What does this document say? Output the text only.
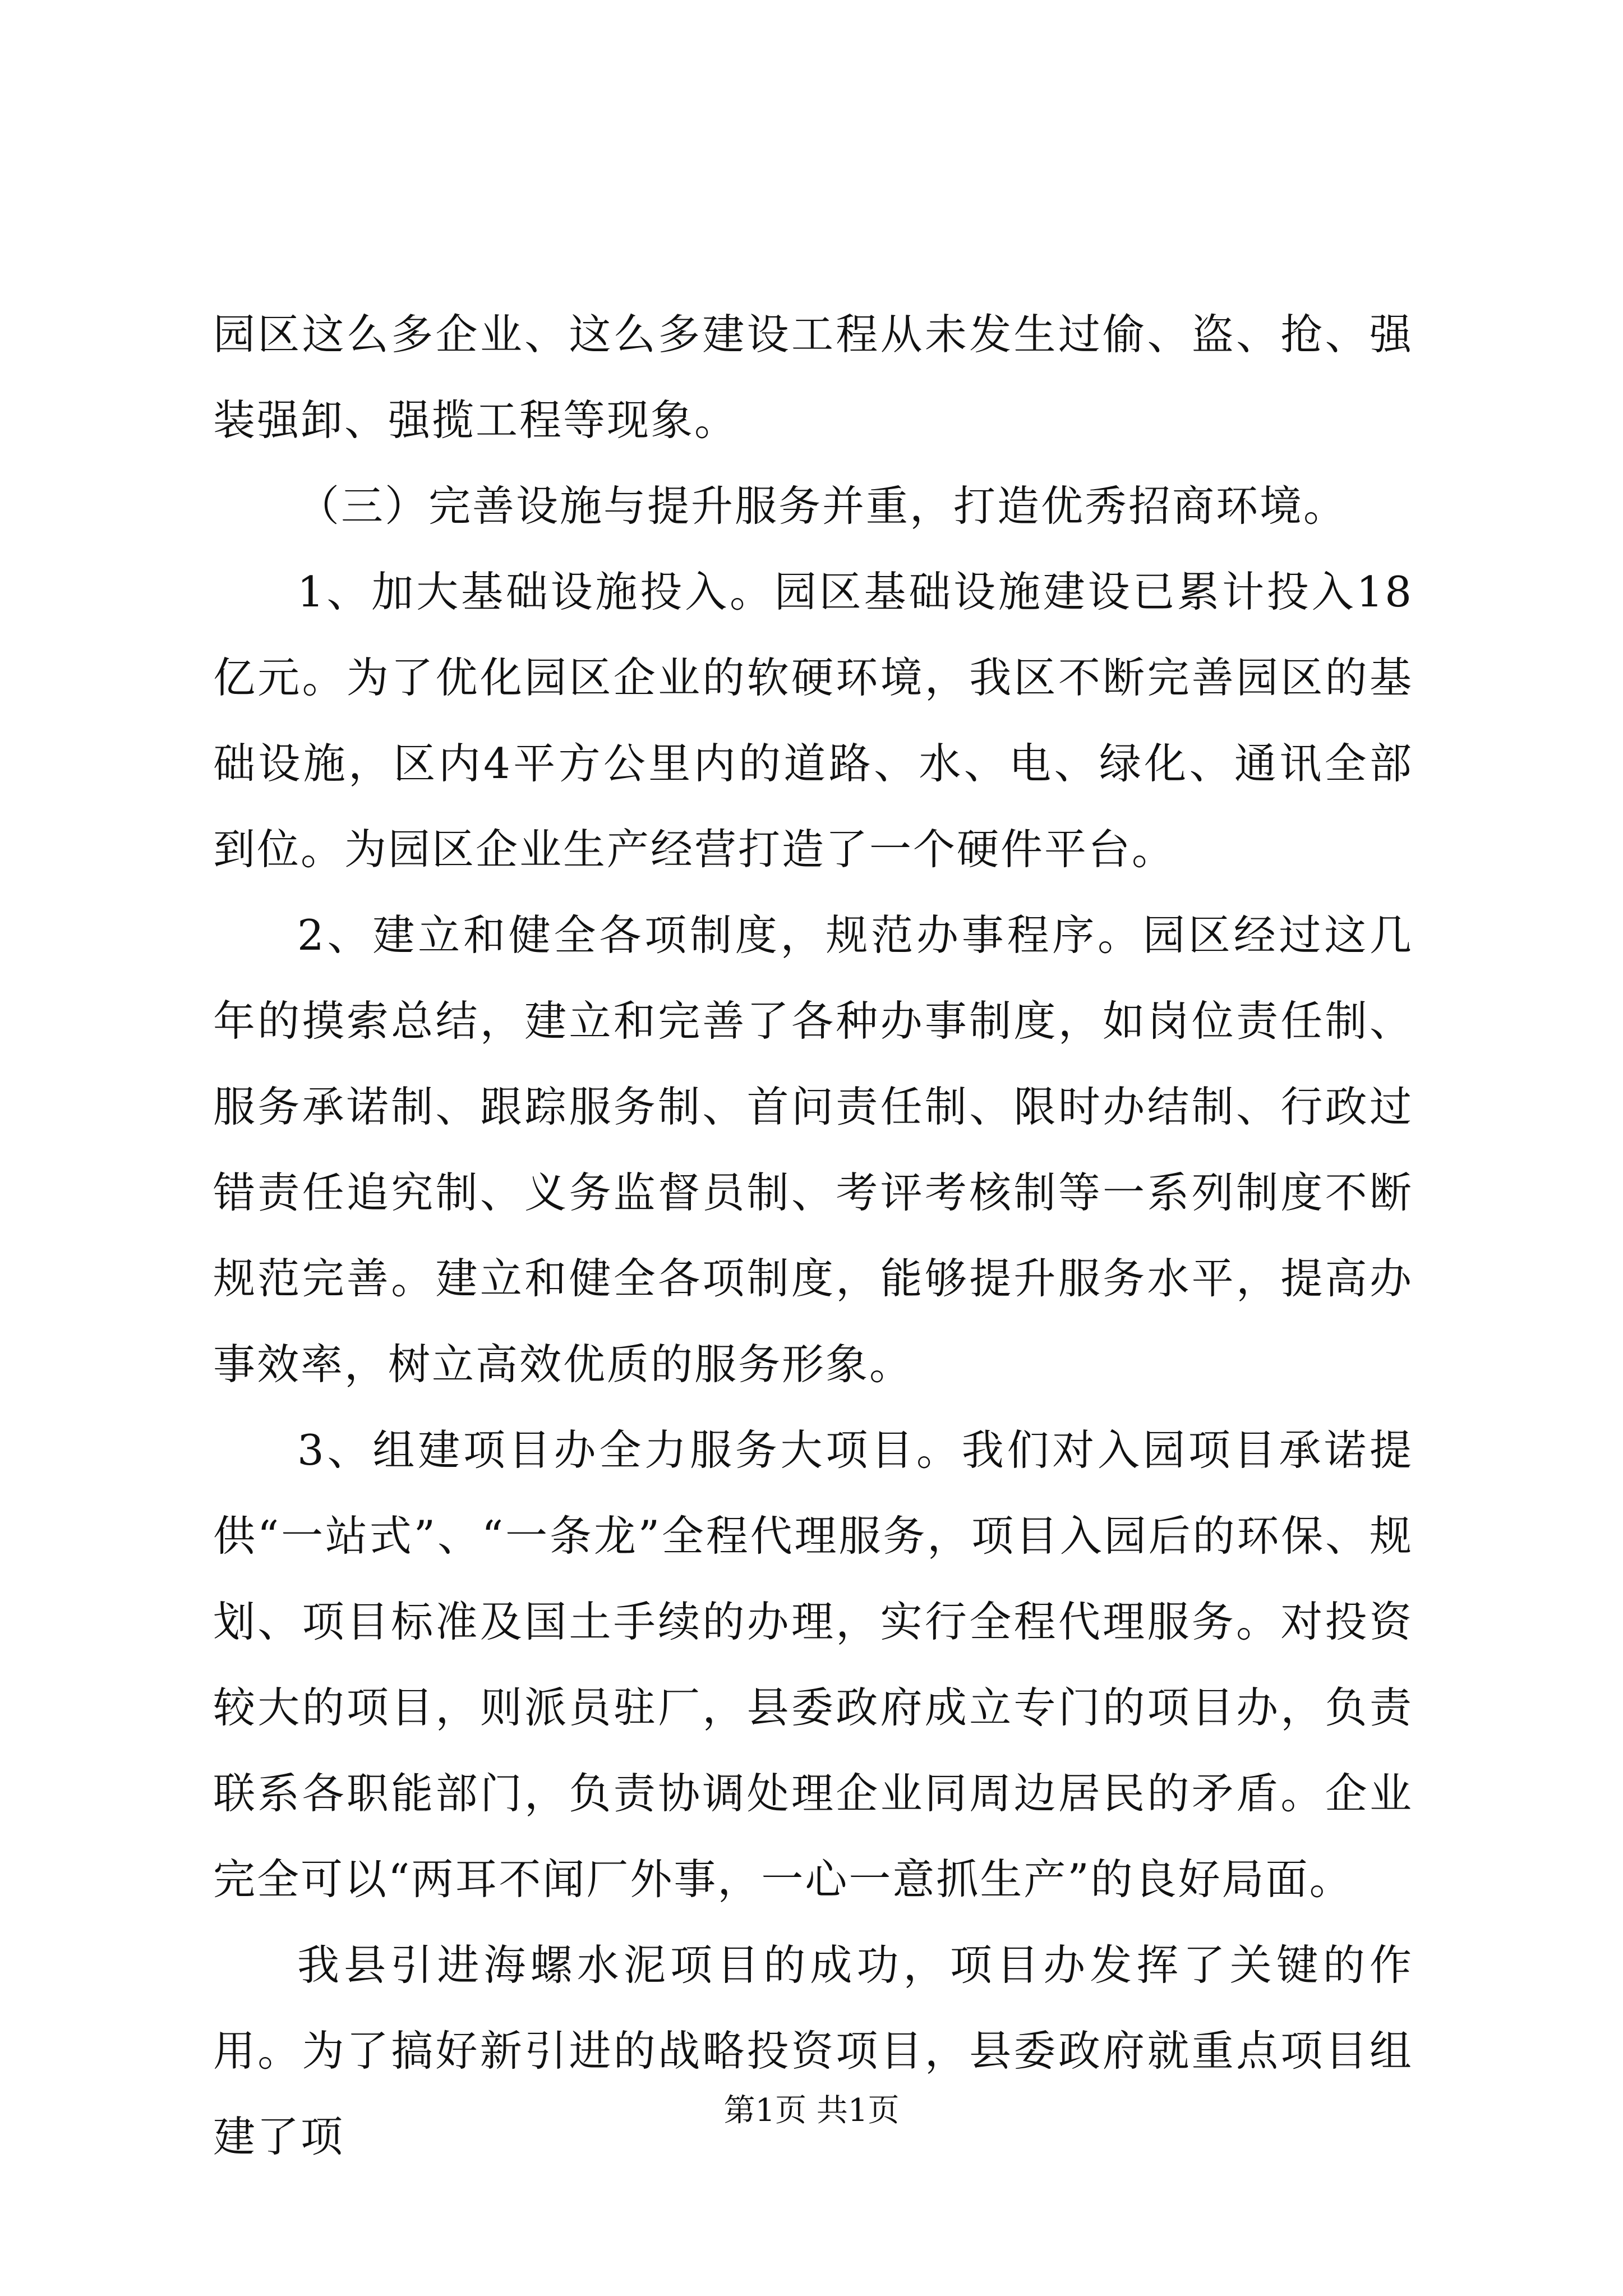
园区这么多企业、这么多建设工程从未发生过偷、盗、抢、强装强卸、强揽工程等现象。

（三）完善设施与提升服务并重，打造优秀招商环境。

1、加大基础设施投入。园区基础设施建设已累计投入18亿元。为了优化园区企业的软硬环境，我区不断完善园区的基础设施，区内4平方公里内的道路、水、电、绿化、通讯全部到位。为园区企业生产经营打造了一个硬件平台。

2、建立和健全各项制度，规范办事程序。园区经过这几年的摸索总结，建立和完善了各种办事制度，如岗位责任制、服务承诺制、跟踪服务制、首问责任制、限时办结制、行政过错责任追究制、义务监督员制、考评考核制等一系列制度不断规范完善。建立和健全各项制度，能够提升服务水平，提高办事效率，树立高效优质的服务形象。

3、组建项目办全力服务大项目。我们对入园项目承诺提供“一站式”、“一条龙”全程代理服务，项目入园后的环保、规划、项目标准及国土手续的办理，实行全程代理服务。对投资较大的项目，则派员驻厂，县委政府成立专门的项目办，负责联系各职能部门，负责协调处理企业同周边居民的矛盾。企业完全可以“两耳不闻厂外事，一心一意抓生产”的良好局面。

我县引进海螺水泥项目的成功，项目办发挥了关键的作用。为了搞好新引进的战略投资项目，县委政府就重点项目组建了项

第1页 共1页
